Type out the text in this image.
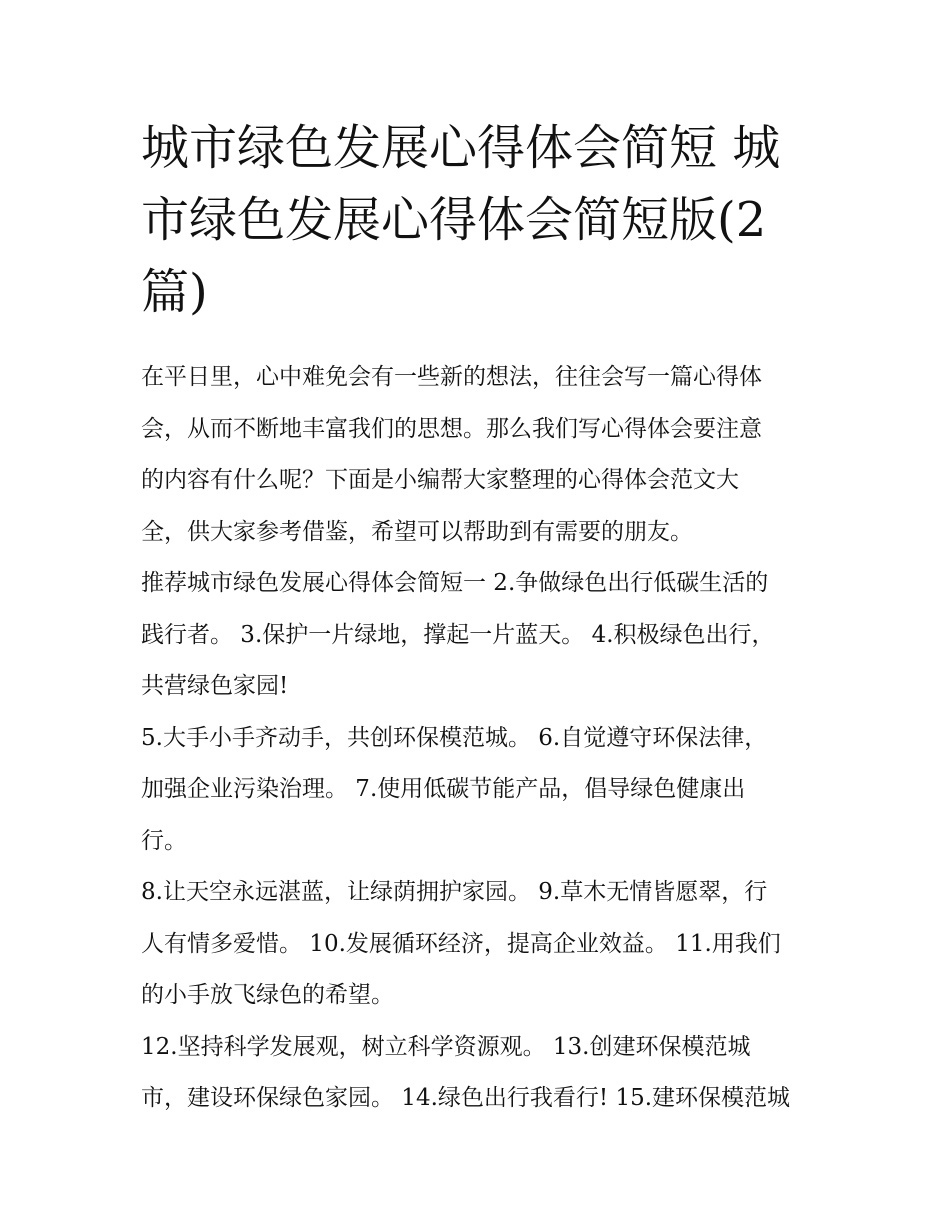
城市绿色发展心得体会简短 城
市绿色发展心得体会简短版(2
篇)

在平日里，心中难免会有一些新的想法，往往会写一篇心得体
会，从而不断地丰富我们的思想。那么我们写心得体会要注意
的内容有什么呢？下面是小编帮大家整理的心得体会范文大
全，供大家参考借鉴，希望可以帮助到有需要的朋友。

推荐城市绿色发展心得体会简短一 2.争做绿色出行低碳生活的
践行者。 3.保护一片绿地，撑起一片蓝天。 4.积极绿色出行，
共营绿色家园!

5.大手小手齐动手，共创环保模范城。 6.自觉遵守环保法律，
加强企业污染治理。 7.使用低碳节能产品，倡导绿色健康出
行。

8.让天空永远湛蓝，让绿荫拥护家园。 9.草木无情皆愿翠，行
人有情多爱惜。 10.发展循环经济，提高企业效益。 11.用我们
的小手放飞绿色的希望。

12.坚持科学发展观，树立科学资源观。 13.创建环保模范城
市，建设环保绿色家园。 14.绿色出行我看行! 15.建环保模范城
